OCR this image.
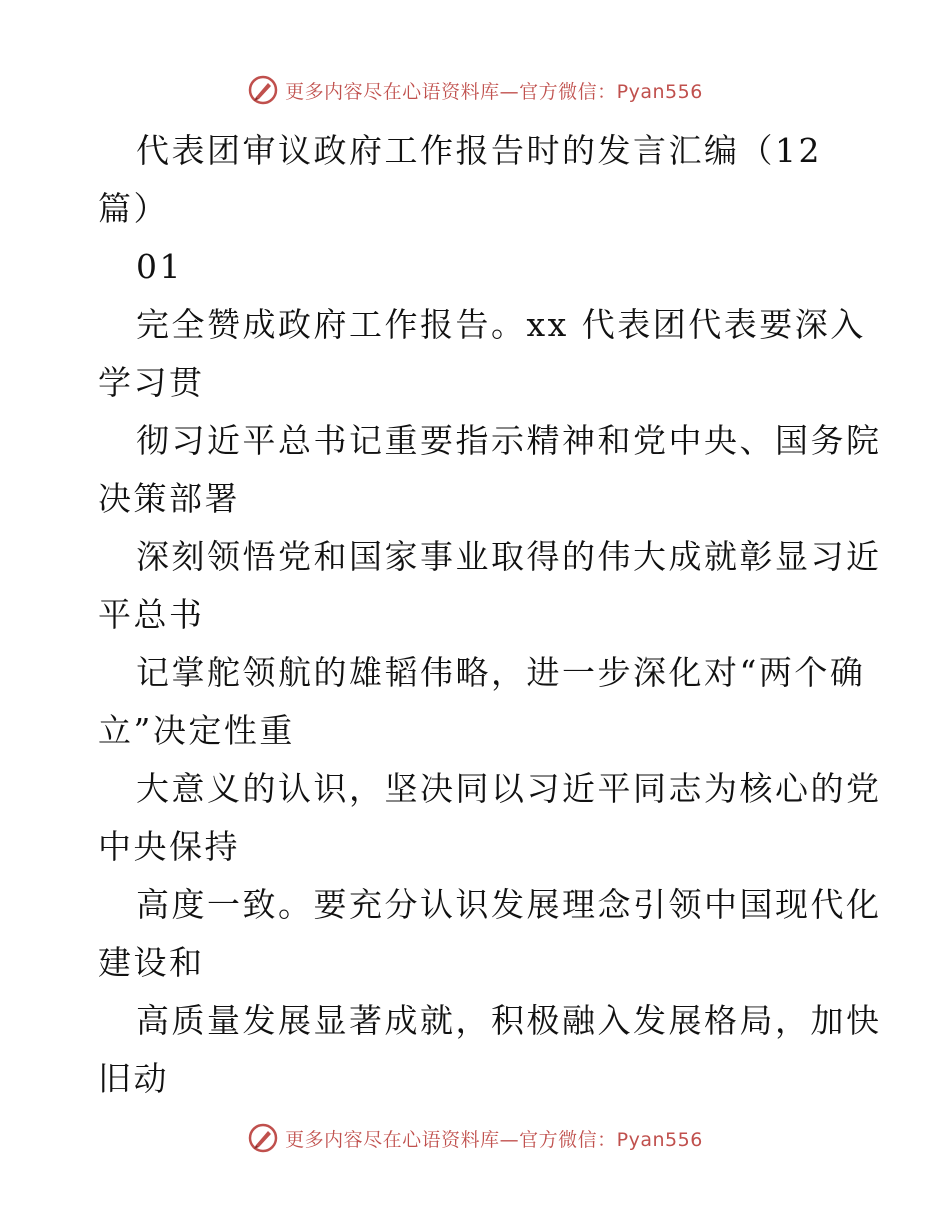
更多内容尽在心语资料库—官方微信：Pyan556
代表团审议政府工作报告时的发言汇编（12
篇）
01
完全赞成政府工作报告。xx 代表团代表要深入
学习贯
彻习近平总书记重要指示精神和党中央、国务院
决策部署
深刻领悟党和国家事业取得的伟大成就彰显习近
平总书
记掌舵领航的雄韬伟略，进一步深化对“两个确
立”决定性重
大意义的认识，坚决同以习近平同志为核心的党
中央保持
高度一致。要充分认识发展理念引领中国现代化
建设和
高质量发展显著成就，积极融入发展格局，加快
旧动
更多内容尽在心语资料库—官方微信：Pyan556
